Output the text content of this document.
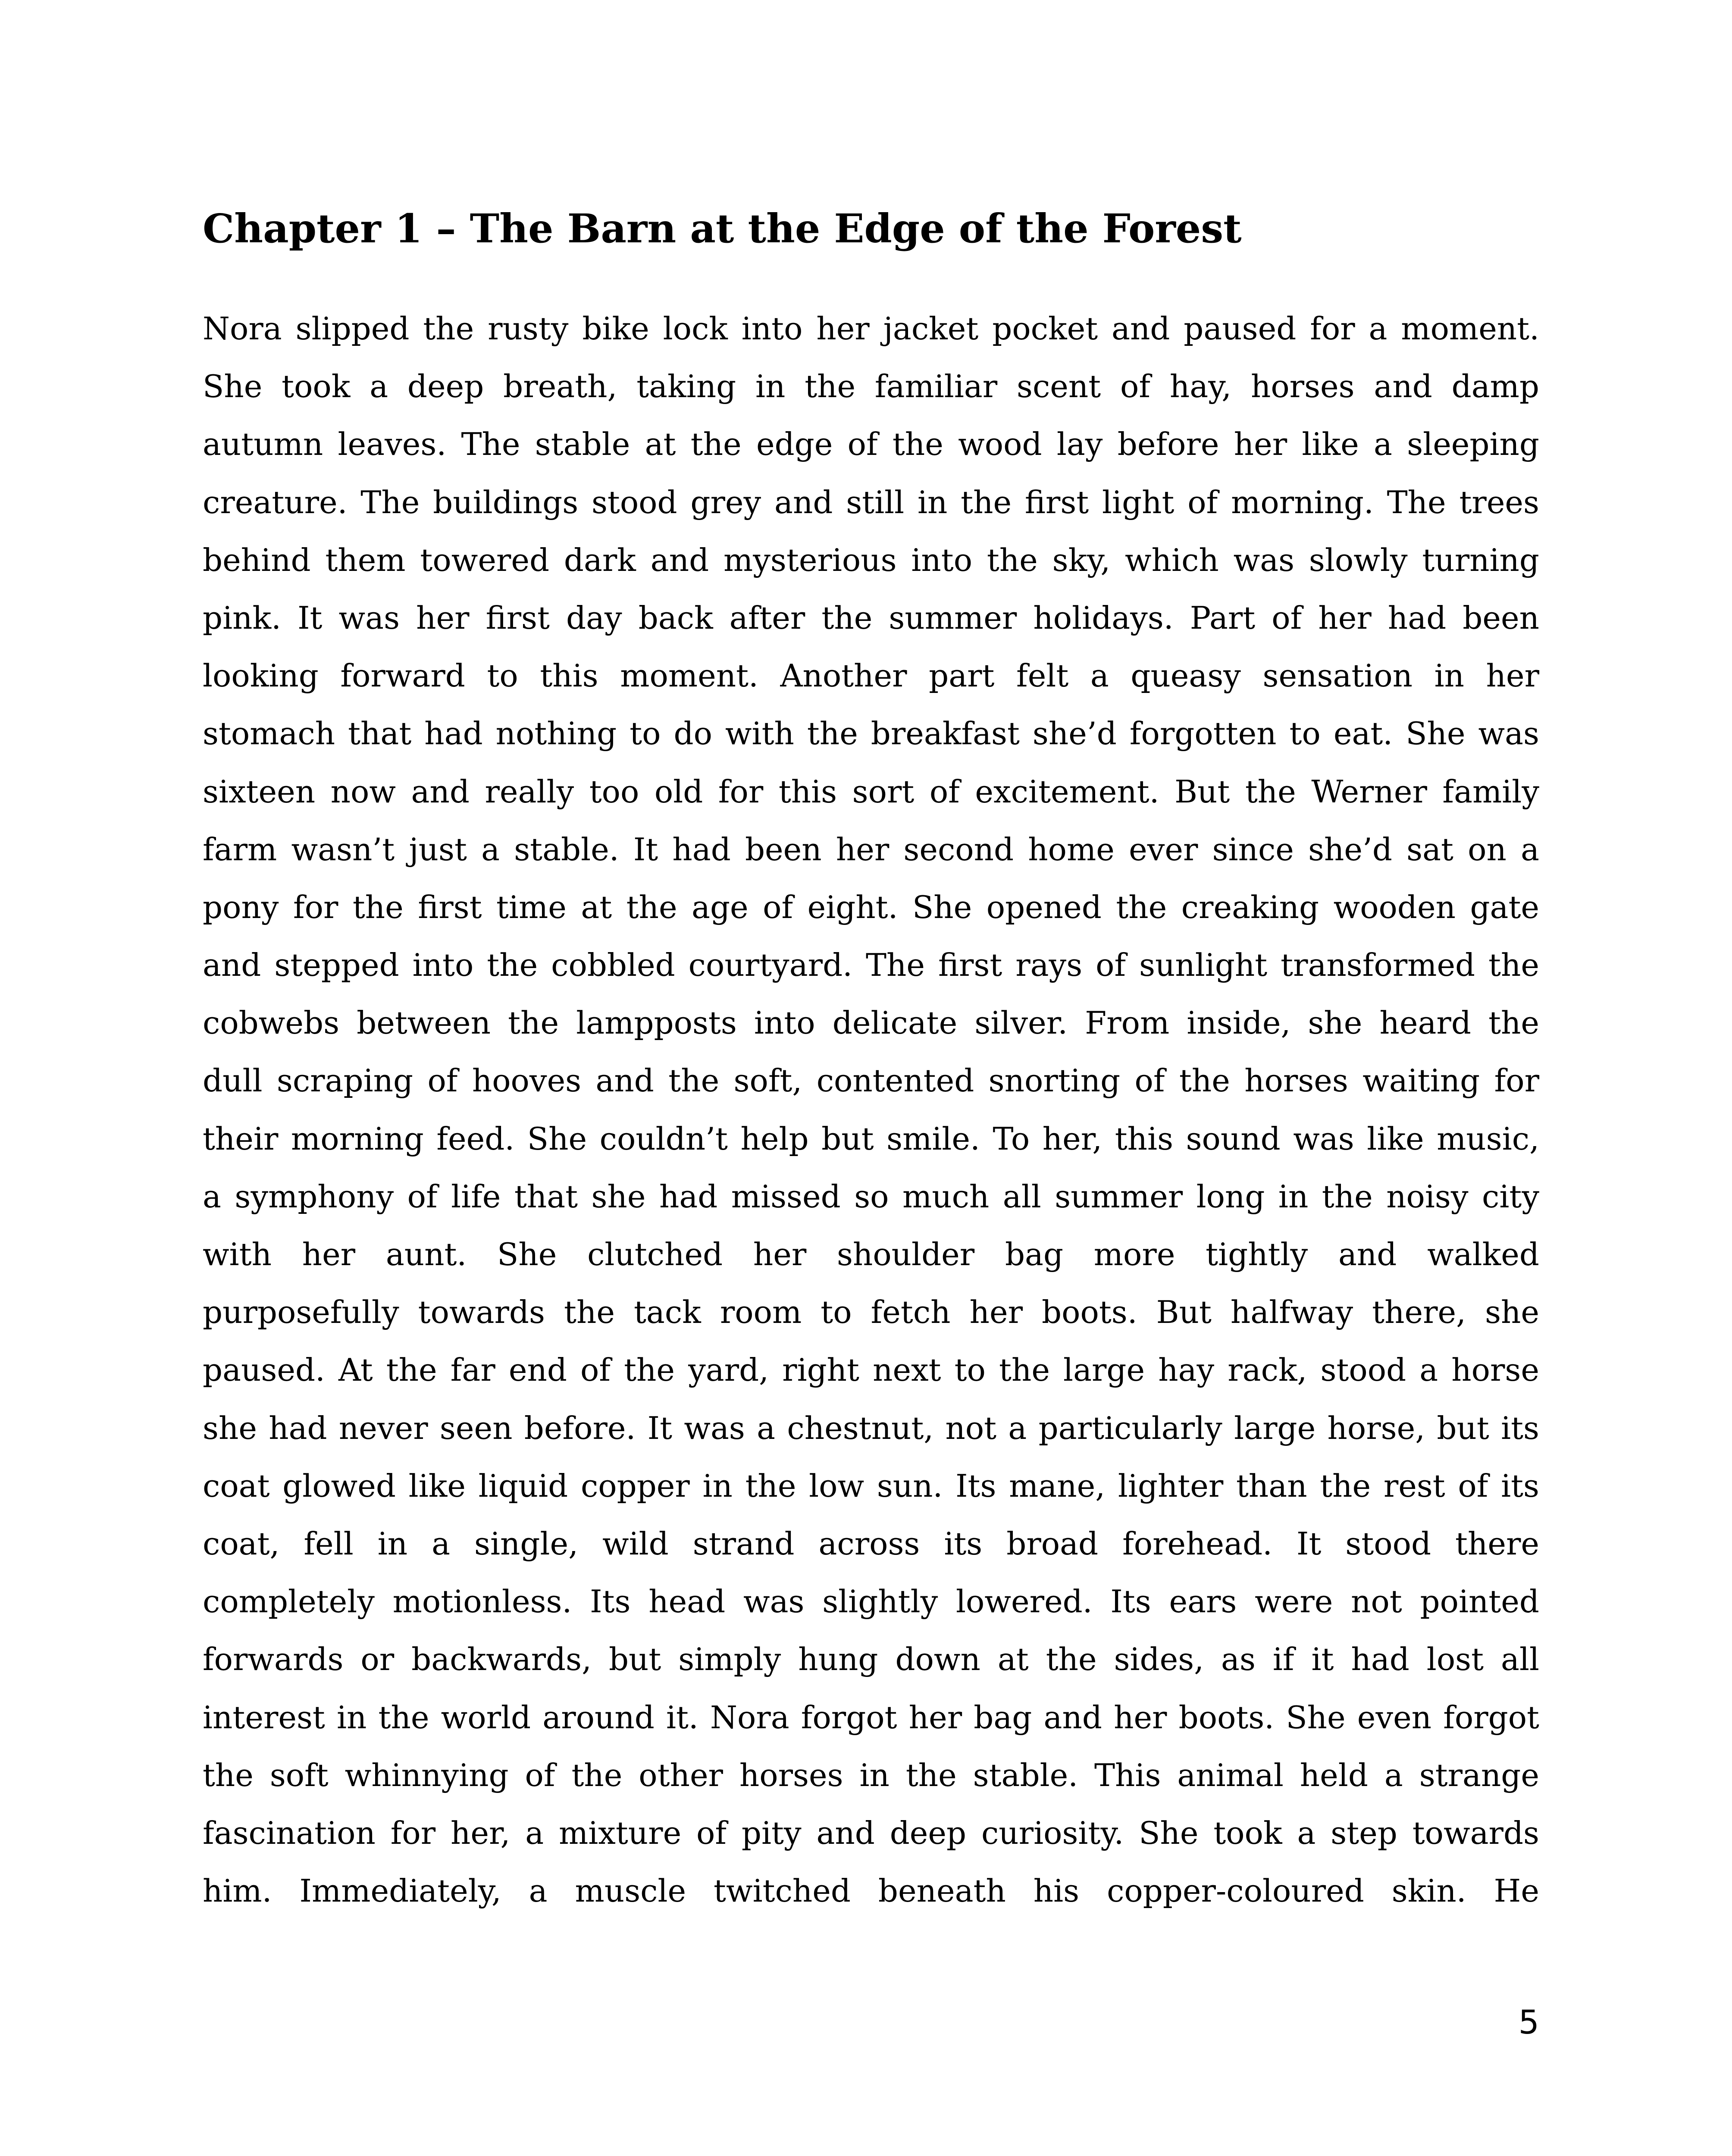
Chapter 1 – The Barn at the Edge of the Forest
Nora slipped the rusty bike lock into her jacket pocket and paused for a moment.
She took a deep breath, taking in the familiar scent of hay, horses and damp
autumn leaves. The stable at the edge of the wood lay before her like a sleeping
creature. The buildings stood grey and still in the first light of morning. The trees
behind them towered dark and mysterious into the sky, which was slowly turning
pink. It was her first day back after the summer holidays. Part of her had been
looking forward to this moment. Another part felt a queasy sensation in her
stomach that had nothing to do with the breakfast she’d forgotten to eat. She was
sixteen now and really too old for this sort of excitement. But the Werner family
farm wasn’t just a stable. It had been her second home ever since she’d sat on a
pony for the first time at the age of eight. She opened the creaking wooden gate
and stepped into the cobbled courtyard. The first rays of sunlight transformed the
cobwebs between the lampposts into delicate silver. From inside, she heard the
dull scraping of hooves and the soft, contented snorting of the horses waiting for
their morning feed. She couldn’t help but smile. To her, this sound was like music,
a symphony of life that she had missed so much all summer long in the noisy city
with her aunt. She clutched her shoulder bag more tightly and walked
purposefully towards the tack room to fetch her boots. But halfway there, she
paused. At the far end of the yard, right next to the large hay rack, stood a horse
she had never seen before. It was a chestnut, not a particularly large horse, but its
coat glowed like liquid copper in the low sun. Its mane, lighter than the rest of its
coat, fell in a single, wild strand across its broad forehead. It stood there
completely motionless. Its head was slightly lowered. Its ears were not pointed
forwards or backwards, but simply hung down at the sides, as if it had lost all
interest in the world around it. Nora forgot her bag and her boots. She even forgot
the soft whinnying of the other horses in the stable. This animal held a strange
fascination for her, a mixture of pity and deep curiosity. She took a step towards
him. Immediately, a muscle twitched beneath his copper-coloured skin. He
5
